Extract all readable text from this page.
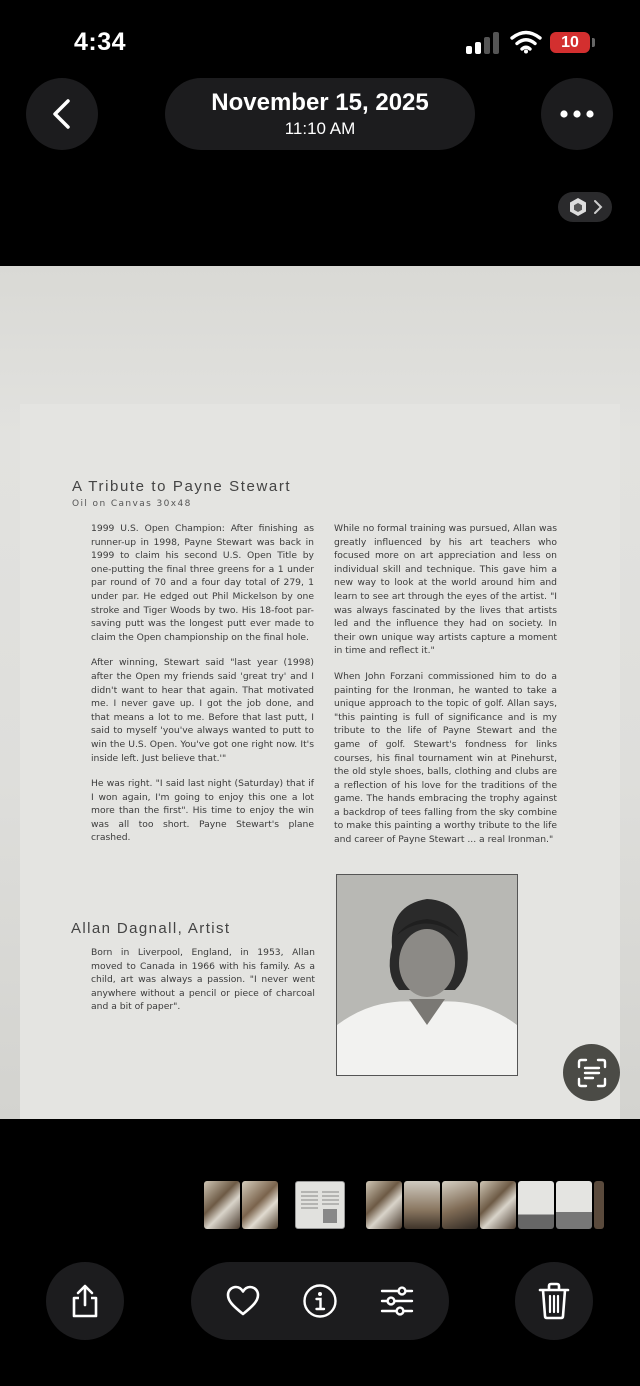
4:34	10
November 15, 2025
11:10 AM
A Tribute to Payne Stewart
Oil on Canvas 30x48

1999 U.S. Open Champion: After finishing as runner-up in 1998, Payne Stewart was back in 1999 to claim his second U.S. Open Title by one-putting the final three greens for a 1 under par round of 70 and a four day total of 279, 1 under par. He edged out Phil Mickelson by one stroke and Tiger Woods by two. His 18-foot par-saving putt was the longest putt ever made to claim the Open championship on the final hole.

After winning, Stewart said "last year (1998) after the Open my friends said 'great try' and I didn't want to hear that again. That motivated me. I never gave up. I got the job done, and that means a lot to me. Before that last putt, I said to myself 'you've always wanted to putt to win the U.S. Open. You've got one right now. It's inside left. Just believe that.'"

He was right. "I said last night (Saturday) that if I won again, I'm going to enjoy this one a lot more than the first". His time to enjoy the win was all too short. Payne Stewart's plane crashed.

While no formal training was pursued, Allan was greatly influenced by his art teachers who focused more on art appreciation and less on individual skill and technique. This gave him a new way to look at the world around him and learn to see art through the eyes of the artist. "I was always fascinated by the lives that artists led and the influence they had on society. In their own unique way artists capture a moment in time and reflect it."

When John Forzani commissioned him to do a painting for the Ironman, he wanted to take a unique approach to the topic of golf. Allan says, "this painting is full of significance and is my tribute to the life of Payne Stewart and the game of golf. Stewart's fondness for links courses, his final tournament win at Pinehurst, the old style shoes, balls, clothing and clubs are a reflection of his love for the traditions of the game. The hands embracing the trophy against a backdrop of tees falling from the sky combine to make this painting a worthy tribute to the life and career of Payne Stewart ... a real Ironman."

Allan Dagnall, Artist
Born in Liverpool, England, in 1953, Allan moved to Canada in 1966 with his family. As a child, art was always a passion. "I never went anywhere without a pencil or piece of charcoal and a bit of paper".
